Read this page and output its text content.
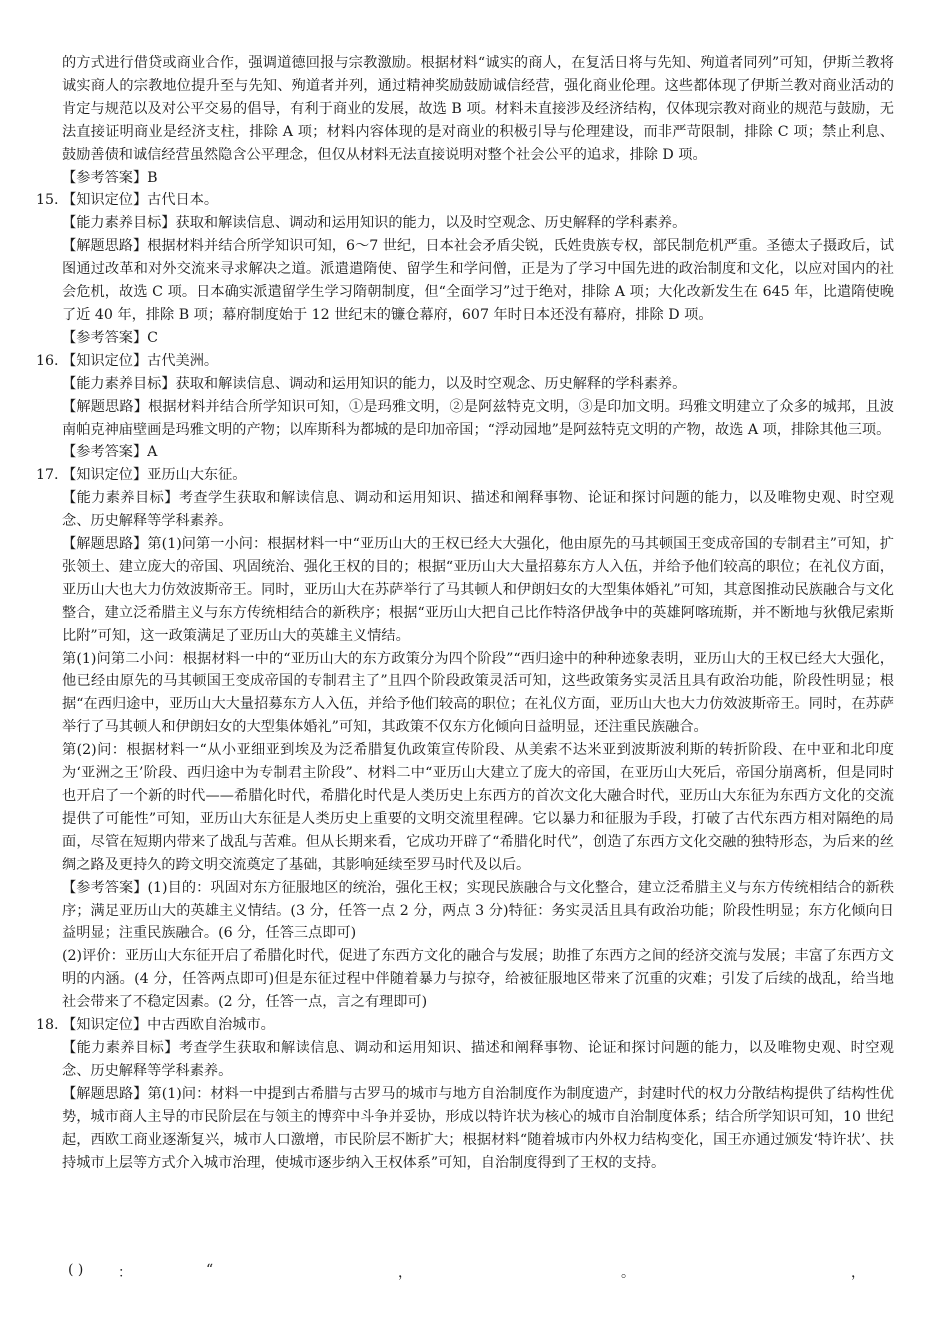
的方式进行借贷或商业合作，强调道德回报与宗教激励。根据材料“诚实的商人，在复活日将与先知、殉道者同列”可知，伊斯兰教将诚实商人的宗教地位提升至与先知、殉道者并列，通过精神奖励鼓励诚信经营，强化商业伦理。这些都体现了伊斯兰教对商业活动的肯定与规范以及对公平交易的倡导，有利于商业的发展，故选 B 项。材料未直接涉及经济结构，仅体现宗教对商业的规范与鼓励，无法直接证明商业是经济支柱，排除 A 项；材料内容体现的是对商业的积极引导与伦理建设，而非严苛限制，排除 C 项；禁止利息、鼓励善债和诚信经营虽然隐含公平理念，但仅从材料无法直接说明对整个社会公平的追求，排除 D 项。

【参考答案】B

15. 【知识定位】古代日本。

【能力素养目标】获取和解读信息、调动和运用知识的能力，以及时空观念、历史解释的学科素养。

【解题思路】根据材料并结合所学知识可知，6～7 世纪，日本社会矛盾尖锐，氏姓贵族专权，部民制危机严重。圣德太子摄政后，试图通过改革和对外交流来寻求解决之道。派遣遣隋使、留学生和学问僧，正是为了学习中国先进的政治制度和文化，以应对国内的社会危机，故选 C 项。日本确实派遣留学生学习隋朝制度，但“全面学习”过于绝对，排除 A 项；大化改新发生在 645 年，比遣隋使晚了近 40 年，排除 B 项；幕府制度始于 12 世纪末的镰仓幕府，607 年时日本还没有幕府，排除 D 项。

【参考答案】C

16. 【知识定位】古代美洲。

【能力素养目标】获取和解读信息、调动和运用知识的能力，以及时空观念、历史解释的学科素养。

【解题思路】根据材料并结合所学知识可知，①是玛雅文明，②是阿兹特克文明，③是印加文明。玛雅文明建立了众多的城邦，且波南帕克神庙壁画是玛雅文明的产物；以库斯科为都城的是印加帝国；“浮动园地”是阿兹特克文明的产物，故选 A 项，排除其他三项。

【参考答案】A

17. 【知识定位】亚历山大东征。

【能力素养目标】考查学生获取和解读信息、调动和运用知识、描述和阐释事物、论证和探讨问题的能力，以及唯物史观、时空观念、历史解释等学科素养。

【解题思路】第(1)问第一小问：根据材料一中“亚历山大的王权已经大大强化，他由原先的马其顿国王变成帝国的专制君主”可知，扩张领土、建立庞大的帝国、巩固统治、强化王权的目的；根据“亚历山大大量招募东方人入伍，并给予他们较高的职位；在礼仪方面，亚历山大也大力仿效波斯帝王。同时，亚历山大在苏萨举行了马其顿人和伊朗妇女的大型集体婚礼”可知，其意图推动民族融合与文化整合，建立泛希腊主义与东方传统相结合的新秩序；根据“亚历山大把自己比作特洛伊战争中的英雄阿喀琉斯，并不断地与狄俄尼索斯比附”可知，这一政策满足了亚历山大的英雄主义情结。

第(1)问第二小问：根据材料一中的“亚历山大的东方政策分为四个阶段”“西归途中的种种迹象表明，亚历山大的王权已经大大强化，他已经由原先的马其顿国王变成帝国的专制君主了”且四个阶段政策灵活可知，这些政策务实灵活且具有政治功能，阶段性明显；根据“在西归途中，亚历山大大量招募东方人入伍，并给予他们较高的职位；在礼仪方面，亚历山大也大力仿效波斯帝王。同时，在苏萨举行了马其顿人和伊朗妇女的大型集体婚礼”可知，其政策不仅东方化倾向日益明显，还注重民族融合。

第(2)问：根据材料一“从小亚细亚到埃及为泛希腊复仇政策宣传阶段、从美索不达米亚到波斯波利斯的转折阶段、在中亚和北印度为‘亚洲之王’阶段、西归途中为专制君主阶段”、材料二中“亚历山大建立了庞大的帝国，在亚历山大死后，帝国分崩离析，但是同时也开启了一个新的时代——希腊化时代，希腊化时代是人类历史上东西方的首次文化大融合时代，亚历山大东征为东西方文化的交流提供了可能性”可知，亚历山大东征是人类历史上重要的文明交流里程碑。它以暴力和征服为手段，打破了古代东西方相对隔绝的局面，尽管在短期内带来了战乱与苦难。但从长期来看，它成功开辟了“希腊化时代”，创造了东西方文化交融的独特形态，为后来的丝绸之路及更持久的跨文明交流奠定了基础，其影响延续至罗马时代及以后。

【参考答案】(1)目的：巩固对东方征服地区的统治，强化王权；实现民族融合与文化整合，建立泛希腊主义与东方传统相结合的新秩序；满足亚历山大的英雄主义情结。(3 分，任答一点 2 分，两点 3 分)特征：务实灵活且具有政治功能；阶段性明显；东方化倾向日益明显；注重民族融合。(6 分，任答三点即可)

(2)评价：亚历山大东征开启了希腊化时代，促进了东西方文化的融合与发展；助推了东西方之间的经济交流与发展；丰富了东西方文明的内涵。(4 分，任答两点即可)但是东征过程中伴随着暴力与掠夺，给被征服地区带来了沉重的灾难；引发了后续的战乱，给当地社会带来了不稳定因素。(2 分，任答一点，言之有理即可)

18. 【知识定位】中古西欧自治城市。

【能力素养目标】考查学生获取和解读信息、调动和运用知识、描述和阐释事物、论证和探讨问题的能力，以及唯物史观、时空观念、历史解释等学科素养。

【解题思路】第(1)问：材料一中提到古希腊与古罗马的城市与地方自治制度作为制度遗产，封建时代的权力分散结构提供了结构性优势，城市商人主导的市民阶层在与领主的博弈中斗争并妥协，形成以特许状为核心的城市自治制度体系；结合所学知识可知，10 世纪起，西欧工商业逐渐复兴，城市人口激增，市民阶层不断扩大；根据材料“随着城市内外权力结构变化，国王亦通过颁发‘特许状’、扶持城市上层等方式介入城市治理，使城市逐步纳入王权体系”可知，自治制度得到了王权的支持。

( ) ：	“	，	。	，
